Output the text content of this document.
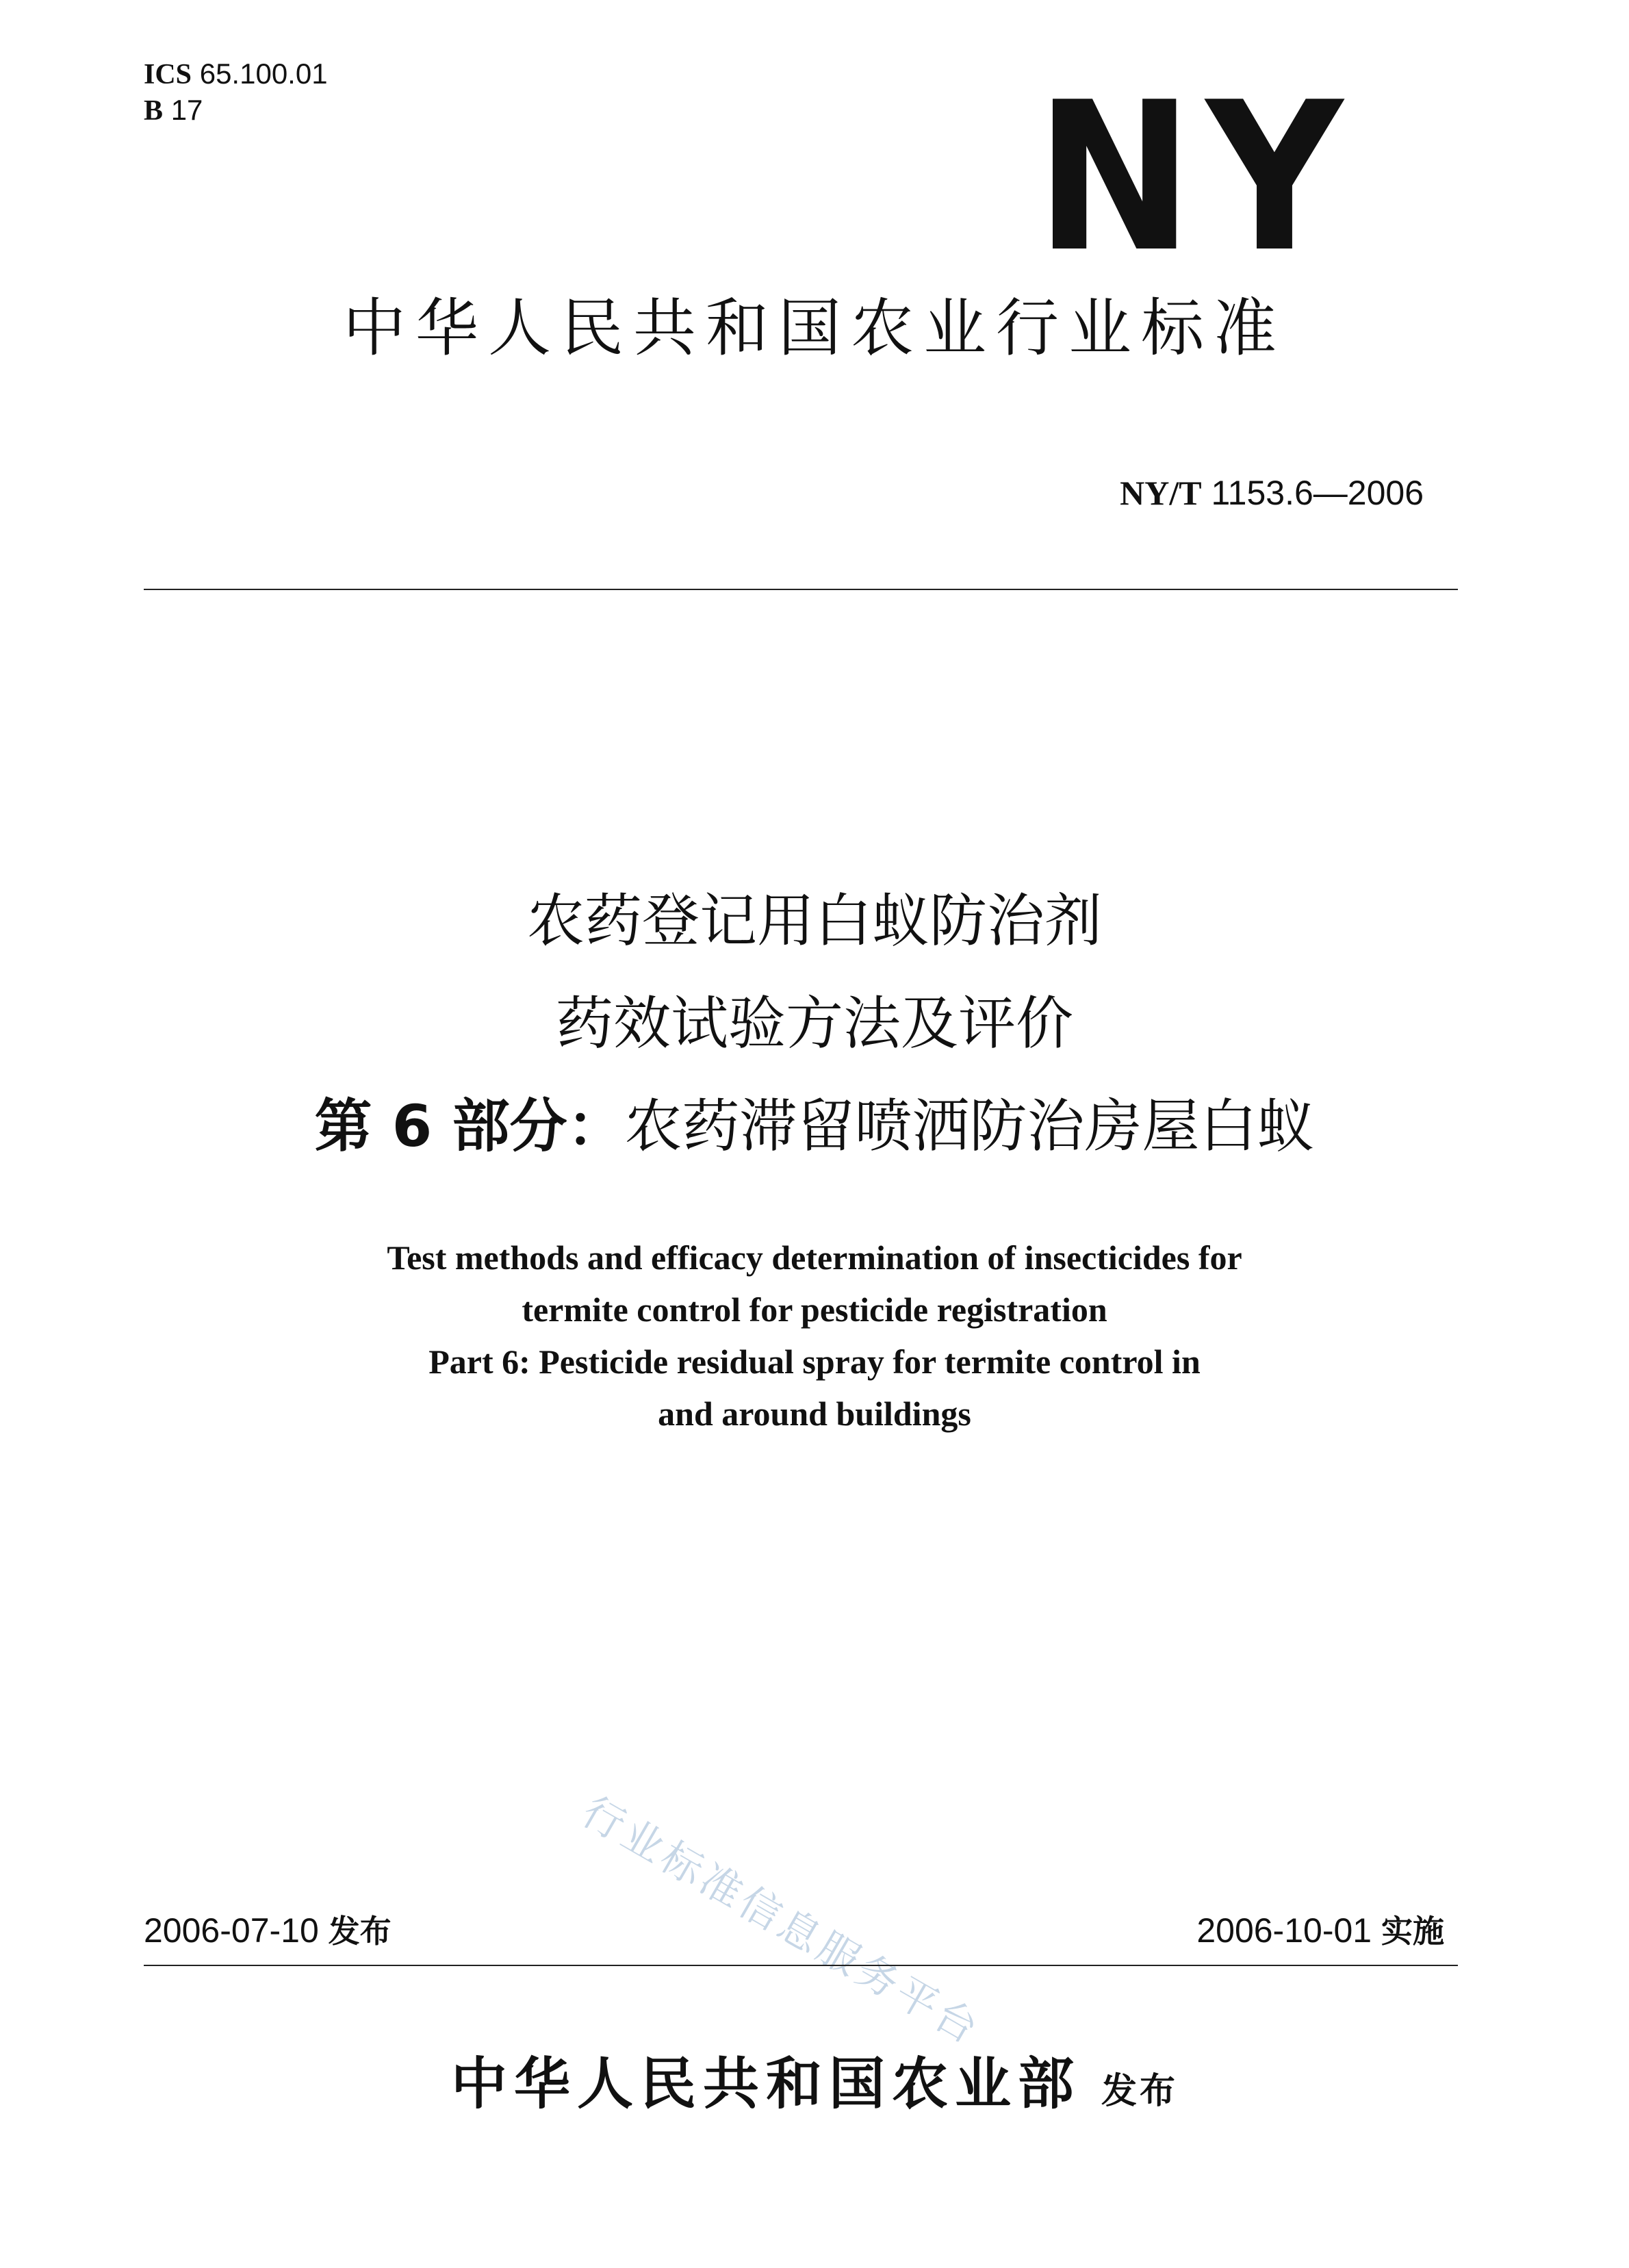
ICS 65.100.01
B 17	NY
中华人民共和国农业行业标准
NY/T 1153.6—2006
农药登记用白蚁防治剂
药效试验方法及评价
第 6 部分：农药滞留喷洒防治房屋白蚁
Test methods and efficacy determination of insecticides for
termite control for pesticide registration
Part 6: Pesticide residual spray for termite control in
and around buildings
行业标准信息服务平台
2006-07-10 发布	2006-10-01 实施
中华人民共和国农业部 发布
